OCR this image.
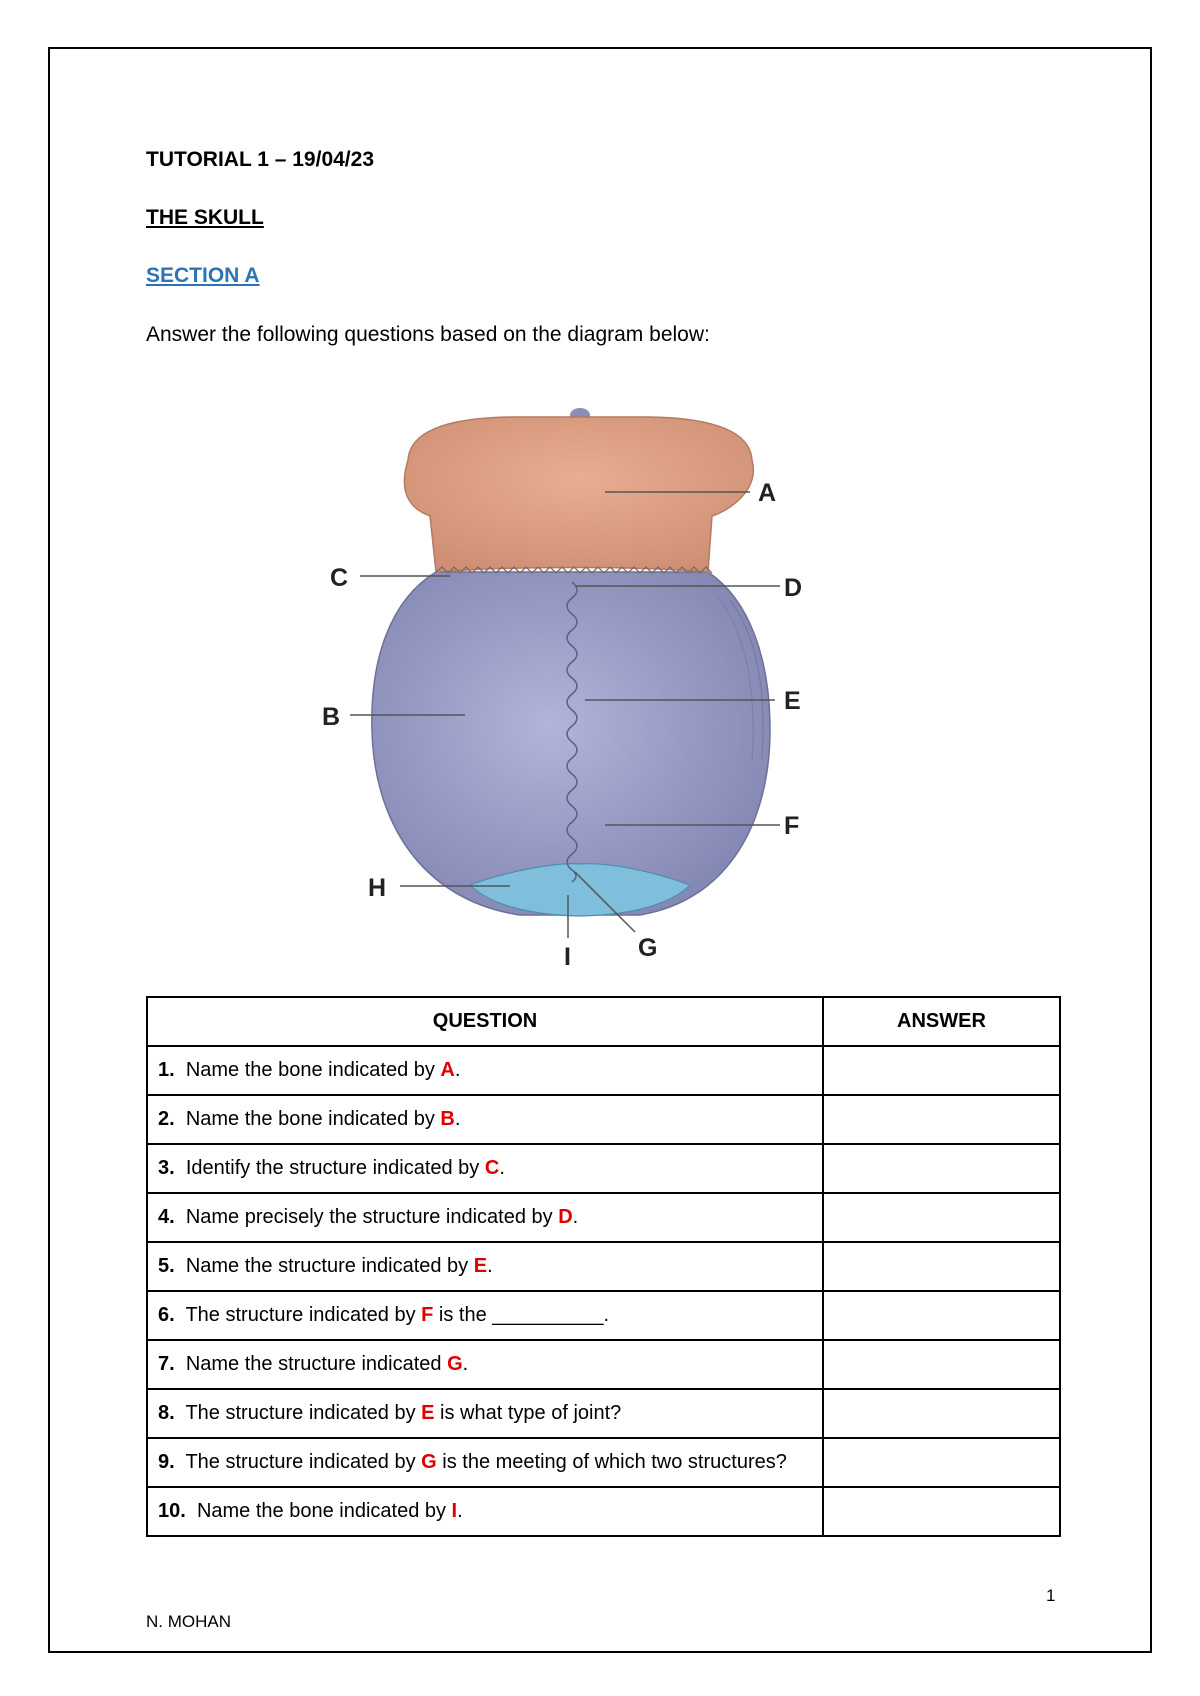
TUTORIAL 1 – 19/04/23
THE SKULL
SECTION A
Answer the following questions based on the diagram below:
A
C	D
E
B
F
H
G
I
QUESTION	ANSWER
1. Name the bone indicated by A.	
2. Name the bone indicated by B.	
3. Identify the structure indicated by C.	
4. Name precisely the structure indicated by D.	
5. Name the structure indicated by E.	
6. The structure indicated by F is the __________.	
7. Name the structure indicated G.	
8. The structure indicated by E is what type of joint?	
9. The structure indicated by G is the meeting of which two structures?	
10. Name the bone indicated by I.	
1
N. MOHAN
